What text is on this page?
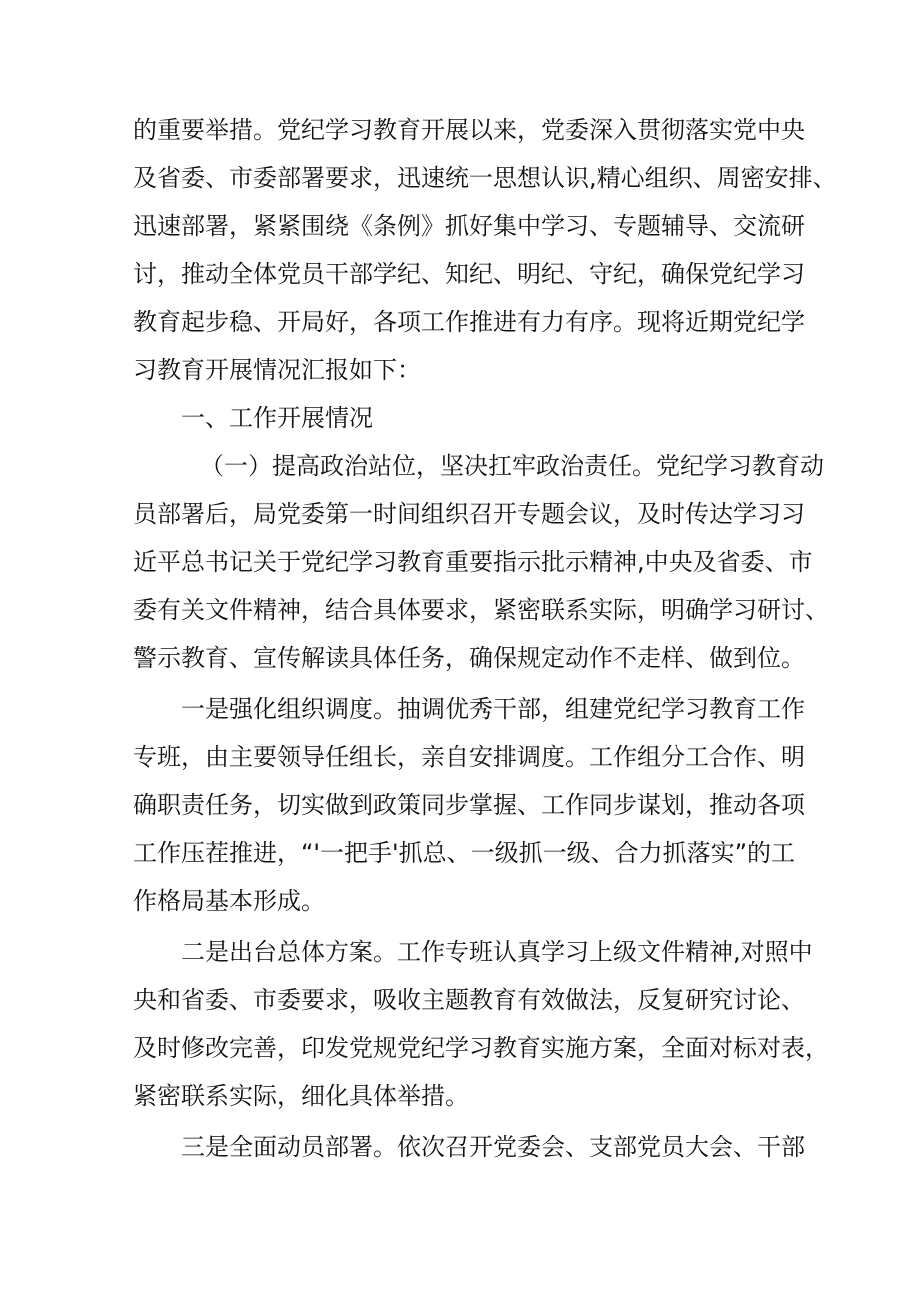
的重要举措。党纪学习教育开展以来，党委深入贯彻落实党中央
及省委、市委部署要求，迅速统一思想认识,精心组织、周密安排、
迅速部署，紧紧围绕《条例》抓好集中学习、专题辅导、交流研
讨，推动全体党员干部学纪、知纪、明纪、守纪，确保党纪学习
教育起步稳、开局好，各项工作推进有力有序。现将近期党纪学
习教育开展情况汇报如下：
一、工作开展情况
（一）提高政治站位，坚决扛牢政治责任。党纪学习教育动
员部署后，局党委第一时间组织召开专题会议，及时传达学习习
近平总书记关于党纪学习教育重要指示批示精神,中央及省委、市
委有关文件精神，结合具体要求，紧密联系实际，明确学习研讨、
警示教育、宣传解读具体任务，确保规定动作不走样、做到位。
一是强化组织调度。抽调优秀干部，组建党纪学习教育工作
专班，由主要领导任组长，亲自安排调度。工作组分工合作、明
确职责任务，切实做到政策同步掌握、工作同步谋划，推动各项
工作压茬推进，“'一把手'抓总、一级抓一级、合力抓落实”的工
作格局基本形成。
二是出台总体方案。工作专班认真学习上级文件精神,对照中
央和省委、市委要求，吸收主题教育有效做法，反复研究讨论、
及时修改完善，印发党规党纪学习教育实施方案，全面对标对表，
紧密联系实际，细化具体举措。
三是全面动员部署。依次召开党委会、支部党员大会、干部
